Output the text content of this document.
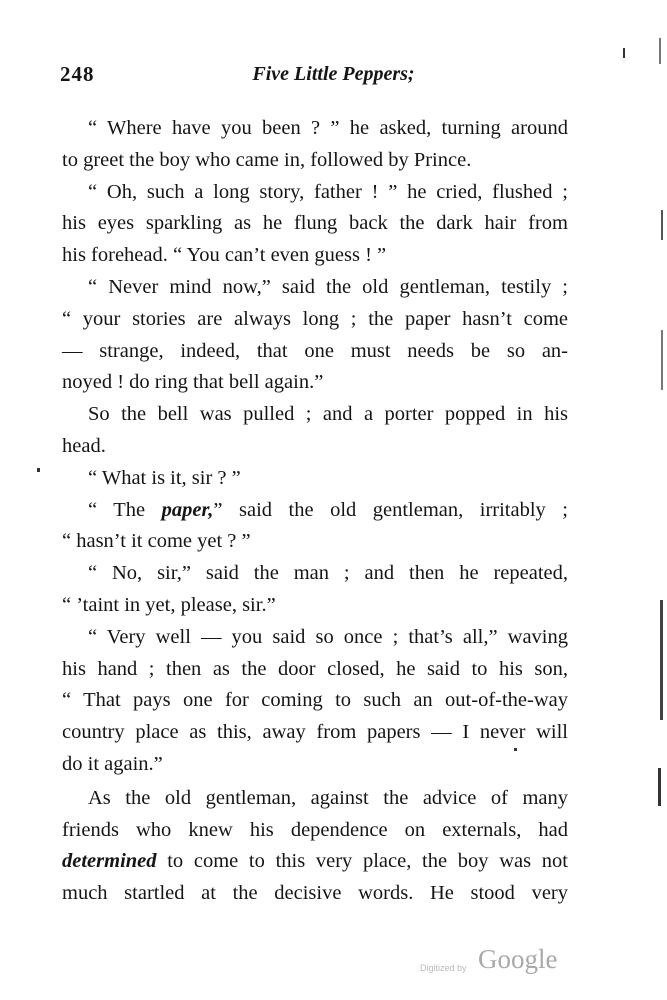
248	Five Little Peppers;
“ Where have you been ? ” he asked, turning around
to greet the boy who came in, followed by Prince.
“ Oh, such a long story, father ! ” he cried, flushed ;
his eyes sparkling as he flung back the dark hair from
his forehead. “ You can’t even guess ! ”
“ Never mind now,” said the old gentleman, testily ;
“ your stories are always long ; the paper hasn’t come
— strange, indeed, that one must needs be so an-
noyed ! do ring that bell again.”
So the bell was pulled ; and a porter popped in his
head.
“ What is it, sir ? ”
“ The paper,” said the old gentleman, irritably ;
“ hasn’t it come yet ? ”
“ No, sir,” said the man ; and then he repeated,
“ ’taint in yet, please, sir.”
“ Very well — you said so once ; that’s all,” waving
his hand ; then as the door closed, he said to his son,
“ That pays one for coming to such an out-of-the-way
country place as this, away from papers — I never will
do it again.”
As the old gentleman, against the advice of many
friends who knew his dependence on externals, had
determined to come to this very place, the boy was not
much startled at the decisive words. He stood very
Digitized by Google
